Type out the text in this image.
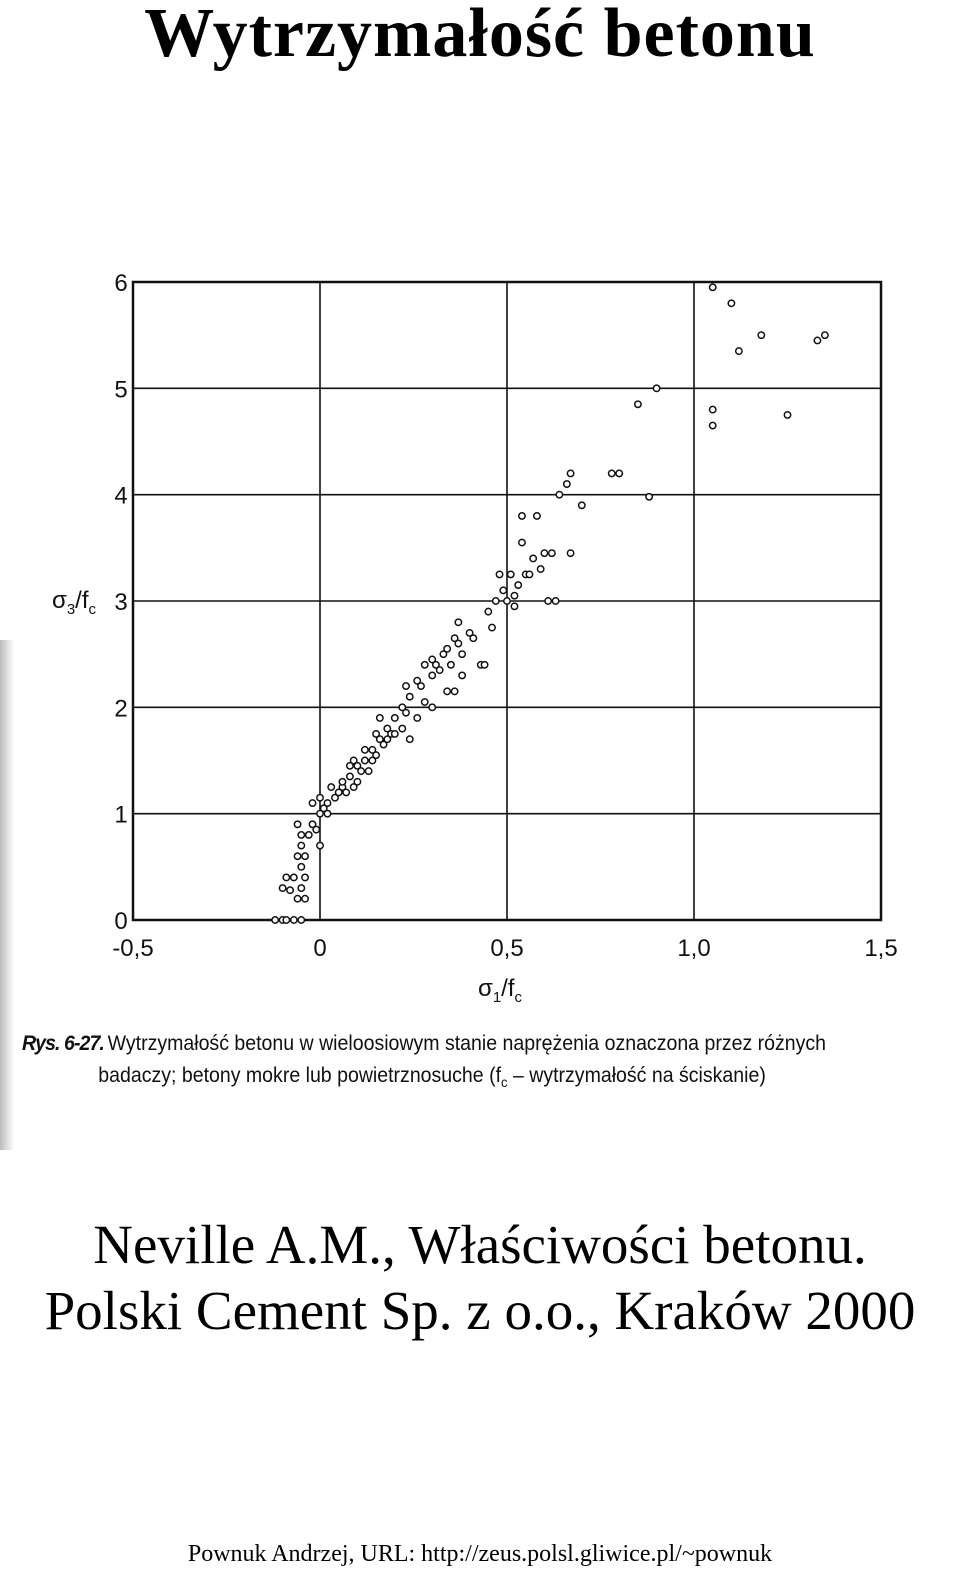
Wytrzymałość betonu
-0,5	0	0,5	1,0	1,5
0
1
2
3
4
5
6
$\sigma_3/f_c$
$\sigma_1/f_c$
Rys. 6-27. Wytrzymałość betonu w wieloosiowym stanie naprężenia oznaczona przez różnych
badaczy; betony mokre lub powietrznosuche ($f_c$ – wytrzymałość na ściskanie)
Neville A.M., Właściwości betonu.
Polski Cement Sp. z o.o., Kraków 2000
Pownuk Andrzej, URL: http://zeus.polsl.gliwice.pl/~pownuk
